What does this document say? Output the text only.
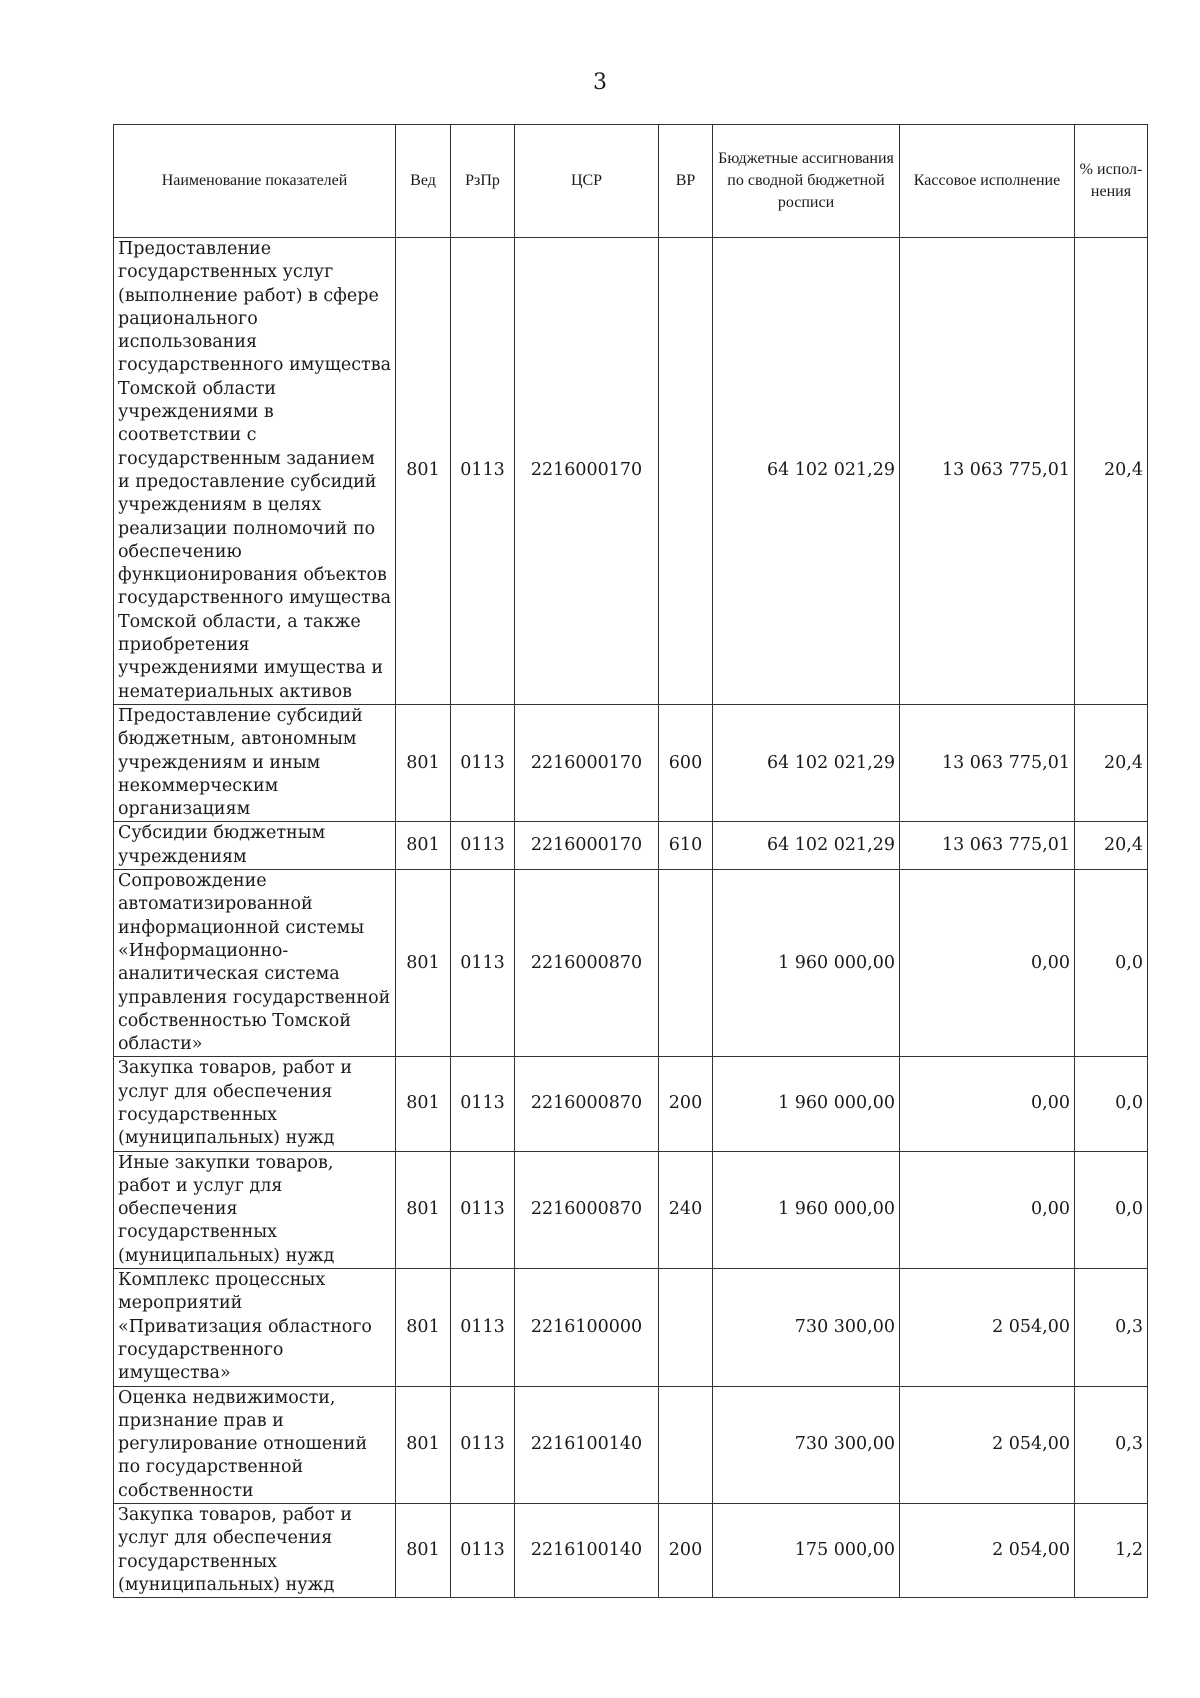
3
Наименование показателей	Вед	РзПр	ЦСР	ВР	Бюджетные ассигнования по сводной бюджетной росписи	Кассовое исполнение	% испол-нения
Предоставление государственных услуг (выполнение работ) в сфере рационального использования государственного имущества Томской области учреждениями в соответствии с государственным заданием и предоставление субсидий учреждениям в целях реализации полномочий по обеспечению функционирования объектов государственного имущества Томской области, а также приобретения учреждениями имущества и нематериальных активов	801	0113	2216000170		64 102 021,29	13 063 775,01	20,4
Предоставление субсидий бюджетным, автономным учреждениям и иным некоммерческим организациям	801	0113	2216000170	600	64 102 021,29	13 063 775,01	20,4
Субсидии бюджетным учреждениям	801	0113	2216000170	610	64 102 021,29	13 063 775,01	20,4
Сопровождение автоматизированной информационной системы «Информационно-аналитическая система управления государственной собственностью Томской области»	801	0113	2216000870		1 960 000,00	0,00	0,0
Закупка товаров, работ и услуг для обеспечения государственных (муниципальных) нужд	801	0113	2216000870	200	1 960 000,00	0,00	0,0
Иные закупки товаров, работ и услуг для обеспечения государственных (муниципальных) нужд	801	0113	2216000870	240	1 960 000,00	0,00	0,0
Комплекс процессных мероприятий «Приватизация областного государственного имущества»	801	0113	2216100000		730 300,00	2 054,00	0,3
Оценка недвижимости, признание прав и регулирование отношений по государственной собственности	801	0113	2216100140		730 300,00	2 054,00	0,3
Закупка товаров, работ и услуг для обеспечения государственных (муниципальных) нужд	801	0113	2216100140	200	175 000,00	2 054,00	1,2
